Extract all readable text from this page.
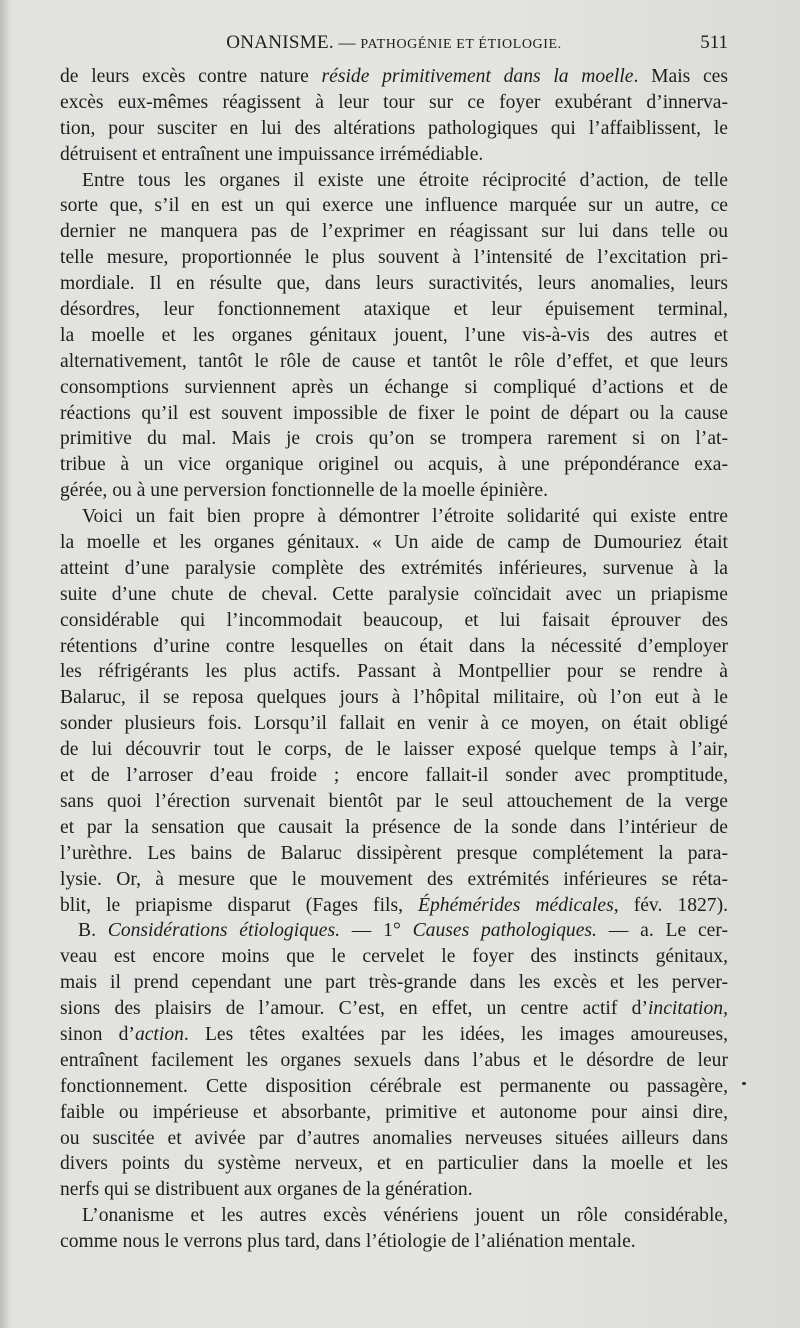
ONANISME. — PATHOGÉNIE ET ÉTIOLOGIE.	511
de leurs excès contre nature réside primitivement dans la moelle. Mais ces
excès eux-mêmes réagissent à leur tour sur ce foyer exubérant d’innerva-
tion, pour susciter en lui des altérations pathologiques qui l’affaiblissent, le
détruisent et entraînent une impuissance irrémédiable.
Entre tous les organes il existe une étroite réciprocité d’action, de telle
sorte que, s’il en est un qui exerce une influence marquée sur un autre, ce
dernier ne manquera pas de l’exprimer en réagissant sur lui dans telle ou
telle mesure, proportionnée le plus souvent à l’intensité de l’excitation pri-
mordiale. Il en résulte que, dans leurs suractivités, leurs anomalies, leurs
désordres, leur fonctionnement ataxique et leur épuisement terminal,
la moelle et les organes génitaux jouent, l’une vis-à-vis des autres et
alternativement, tantôt le rôle de cause et tantôt le rôle d’effet, et que leurs
consomptions surviennent après un échange si compliqué d’actions et de
réactions qu’il est souvent impossible de fixer le point de départ ou la cause
primitive du mal. Mais je crois qu’on se trompera rarement si on l’at-
tribue à un vice organique originel ou acquis, à une prépondérance exa-
gérée, ou à une perversion fonctionnelle de la moelle épinière.
Voici un fait bien propre à démontrer l’étroite solidarité qui existe entre
la moelle et les organes génitaux. « Un aide de camp de Dumouriez était
atteint d’une paralysie complète des extrémités inférieures, survenue à la
suite d’une chute de cheval. Cette paralysie coïncidait avec un priapisme
considérable qui l’incommodait beaucoup, et lui faisait éprouver des
rétentions d’urine contre lesquelles on était dans la nécessité d’employer
les réfrigérants les plus actifs. Passant à Montpellier pour se rendre à
Balaruc, il se reposa quelques jours à l’hôpital militaire, où l’on eut à le
sonder plusieurs fois. Lorsqu’il fallait en venir à ce moyen, on était obligé
de lui découvrir tout le corps, de le laisser exposé quelque temps à l’air,
et de l’arroser d’eau froide ; encore fallait-il sonder avec promptitude,
sans quoi l’érection survenait bientôt par le seul attouchement de la verge
et par la sensation que causait la présence de la sonde dans l’intérieur de
l’urèthre. Les bains de Balaruc dissipèrent presque complétement la para-
lysie. Or, à mesure que le mouvement des extrémités inférieures se réta-
blit, le priapisme disparut (Fages fils, Éphémérides médicales, fév. 1827).
B. Considérations étiologiques. — 1° Causes pathologiques. — a. Le cer-
veau est encore moins que le cervelet le foyer des instincts génitaux,
mais il prend cependant une part très-grande dans les excès et les perver-
sions des plaisirs de l’amour. C’est, en effet, un centre actif d’incitation,
sinon d’action. Les têtes exaltées par les idées, les images amoureuses,
entraînent facilement les organes sexuels dans l’abus et le désordre de leur
fonctionnement. Cette disposition cérébrale est permanente ou passagère,
faible ou impérieuse et absorbante, primitive et autonome pour ainsi dire,
ou suscitée et avivée par d’autres anomalies nerveuses situées ailleurs dans
divers points du système nerveux, et en particulier dans la moelle et les
nerfs qui se distribuent aux organes de la génération.
L’onanisme et les autres excès vénériens jouent un rôle considérable,
comme nous le verrons plus tard, dans l’étiologie de l’aliénation mentale.
